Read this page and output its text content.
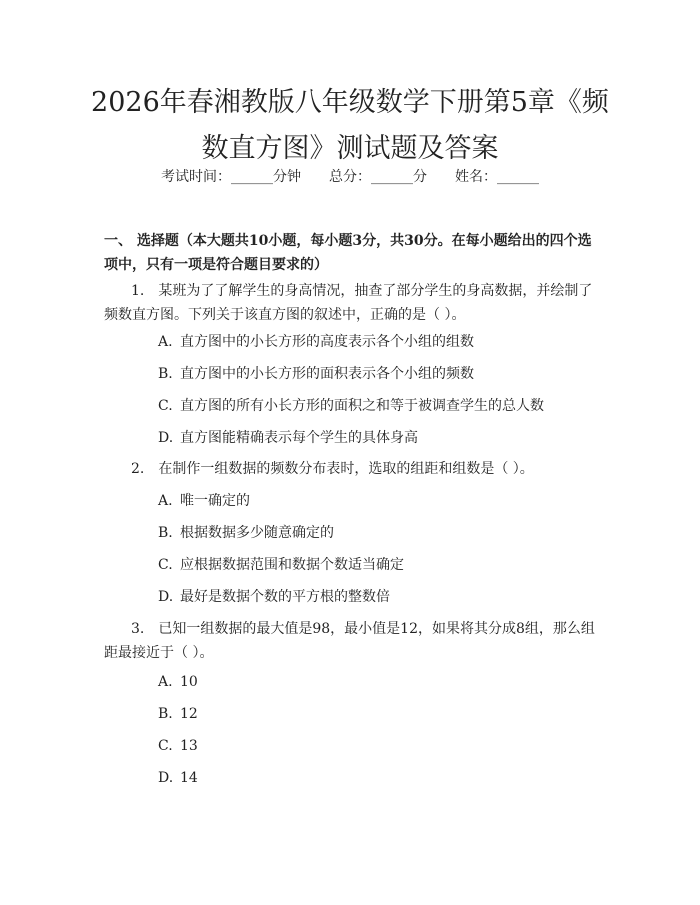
2026年春湘教版八年级数学下册第5章《频数直方图》测试题及答案
考试时间：______分钟 总分：______分 姓名：______

一、 选择题（本大题共10小题，每小题3分，共30分。在每小题给出的四个选项中，只有一项是符合题目要求的）

1.　某班为了了解学生的身高情况，抽查了部分学生的身高数据，并绘制了频数直方图。下列关于该直方图的叙述中，正确的是（ ）。

A. 直方图中的小长方形的高度表示各个小组的组数
B. 直方图中的小长方形的面积表示各个小组的频数
C. 直方图的所有小长方形的面积之和等于被调查学生的总人数
D. 直方图能精确表示每个学生的具体身高

2.　在制作一组数据的频数分布表时，选取的组距和组数是（ ）。

A. 唯一确定的
B. 根据数据多少随意确定的
C. 应根据数据范围和数据个数适当确定
D. 最好是数据个数的平方根的整数倍

3.　已知一组数据的最大值是98，最小值是12，如果将其分成8组，那么组距最接近于（ ）。

A. 10
B. 12
C. 13
D. 14
